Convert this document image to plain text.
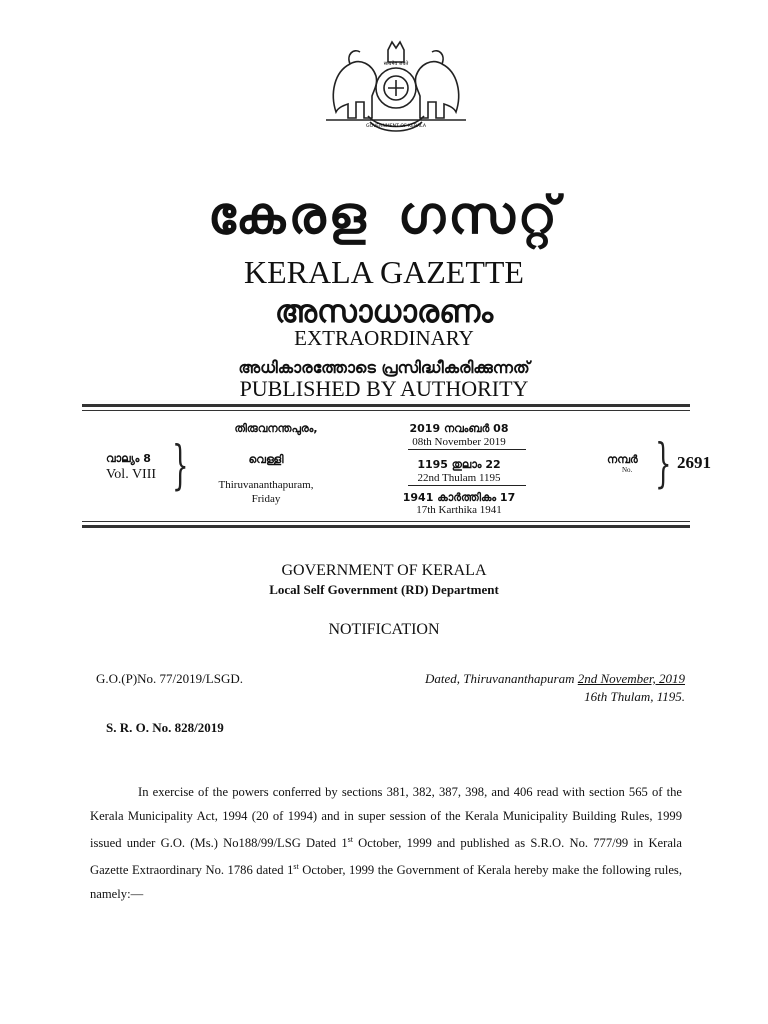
सत्यमेव जयते
GOVERNMENT OF KERALA
കേരള ഗസറ്റ്
KERALA GAZETTE
അസാധാരണം
EXTRAORDINARY
അധികാരത്തോടെ പ്രസിദ്ധീകരിക്കുന്നത്
PUBLISHED BY AUTHORITY
വാല്യം 8
Vol. VIII }
തിരുവനന്തപുരം,
വെള്ളി
Thiruvananthapuram,
Friday
2019 നവംബർ 08
08th November 2019
1195 തുലാം 22
22nd Thulam 1195
1941 കാർത്തികം 17
17th Karthika 1941
നമ്പർ
No. } 2691
GOVERNMENT OF KERALA
Local Self Government (RD) Department
NOTIFICATION
G.O.(P)No. 77/2019/LSGD.	Dated, Thiruvananthapuram 2nd November, 2019
16th Thulam, 1195.
S. R. O. No. 828/2019
In exercise of the powers conferred by sections 381, 382, 387, 398, and 406 read with section 565 of the Kerala Municipality Act, 1994 (20 of 1994) and in super session of the Kerala Municipality Building Rules, 1999 issued under G.O. (Ms.) No188/99/LSG Dated 1st October, 1999 and published as S.R.O. No. 777/99 in Kerala Gazette Extraordinary No. 1786 dated 1st October, 1999 the Government of Kerala hereby make the following rules, namely:—
